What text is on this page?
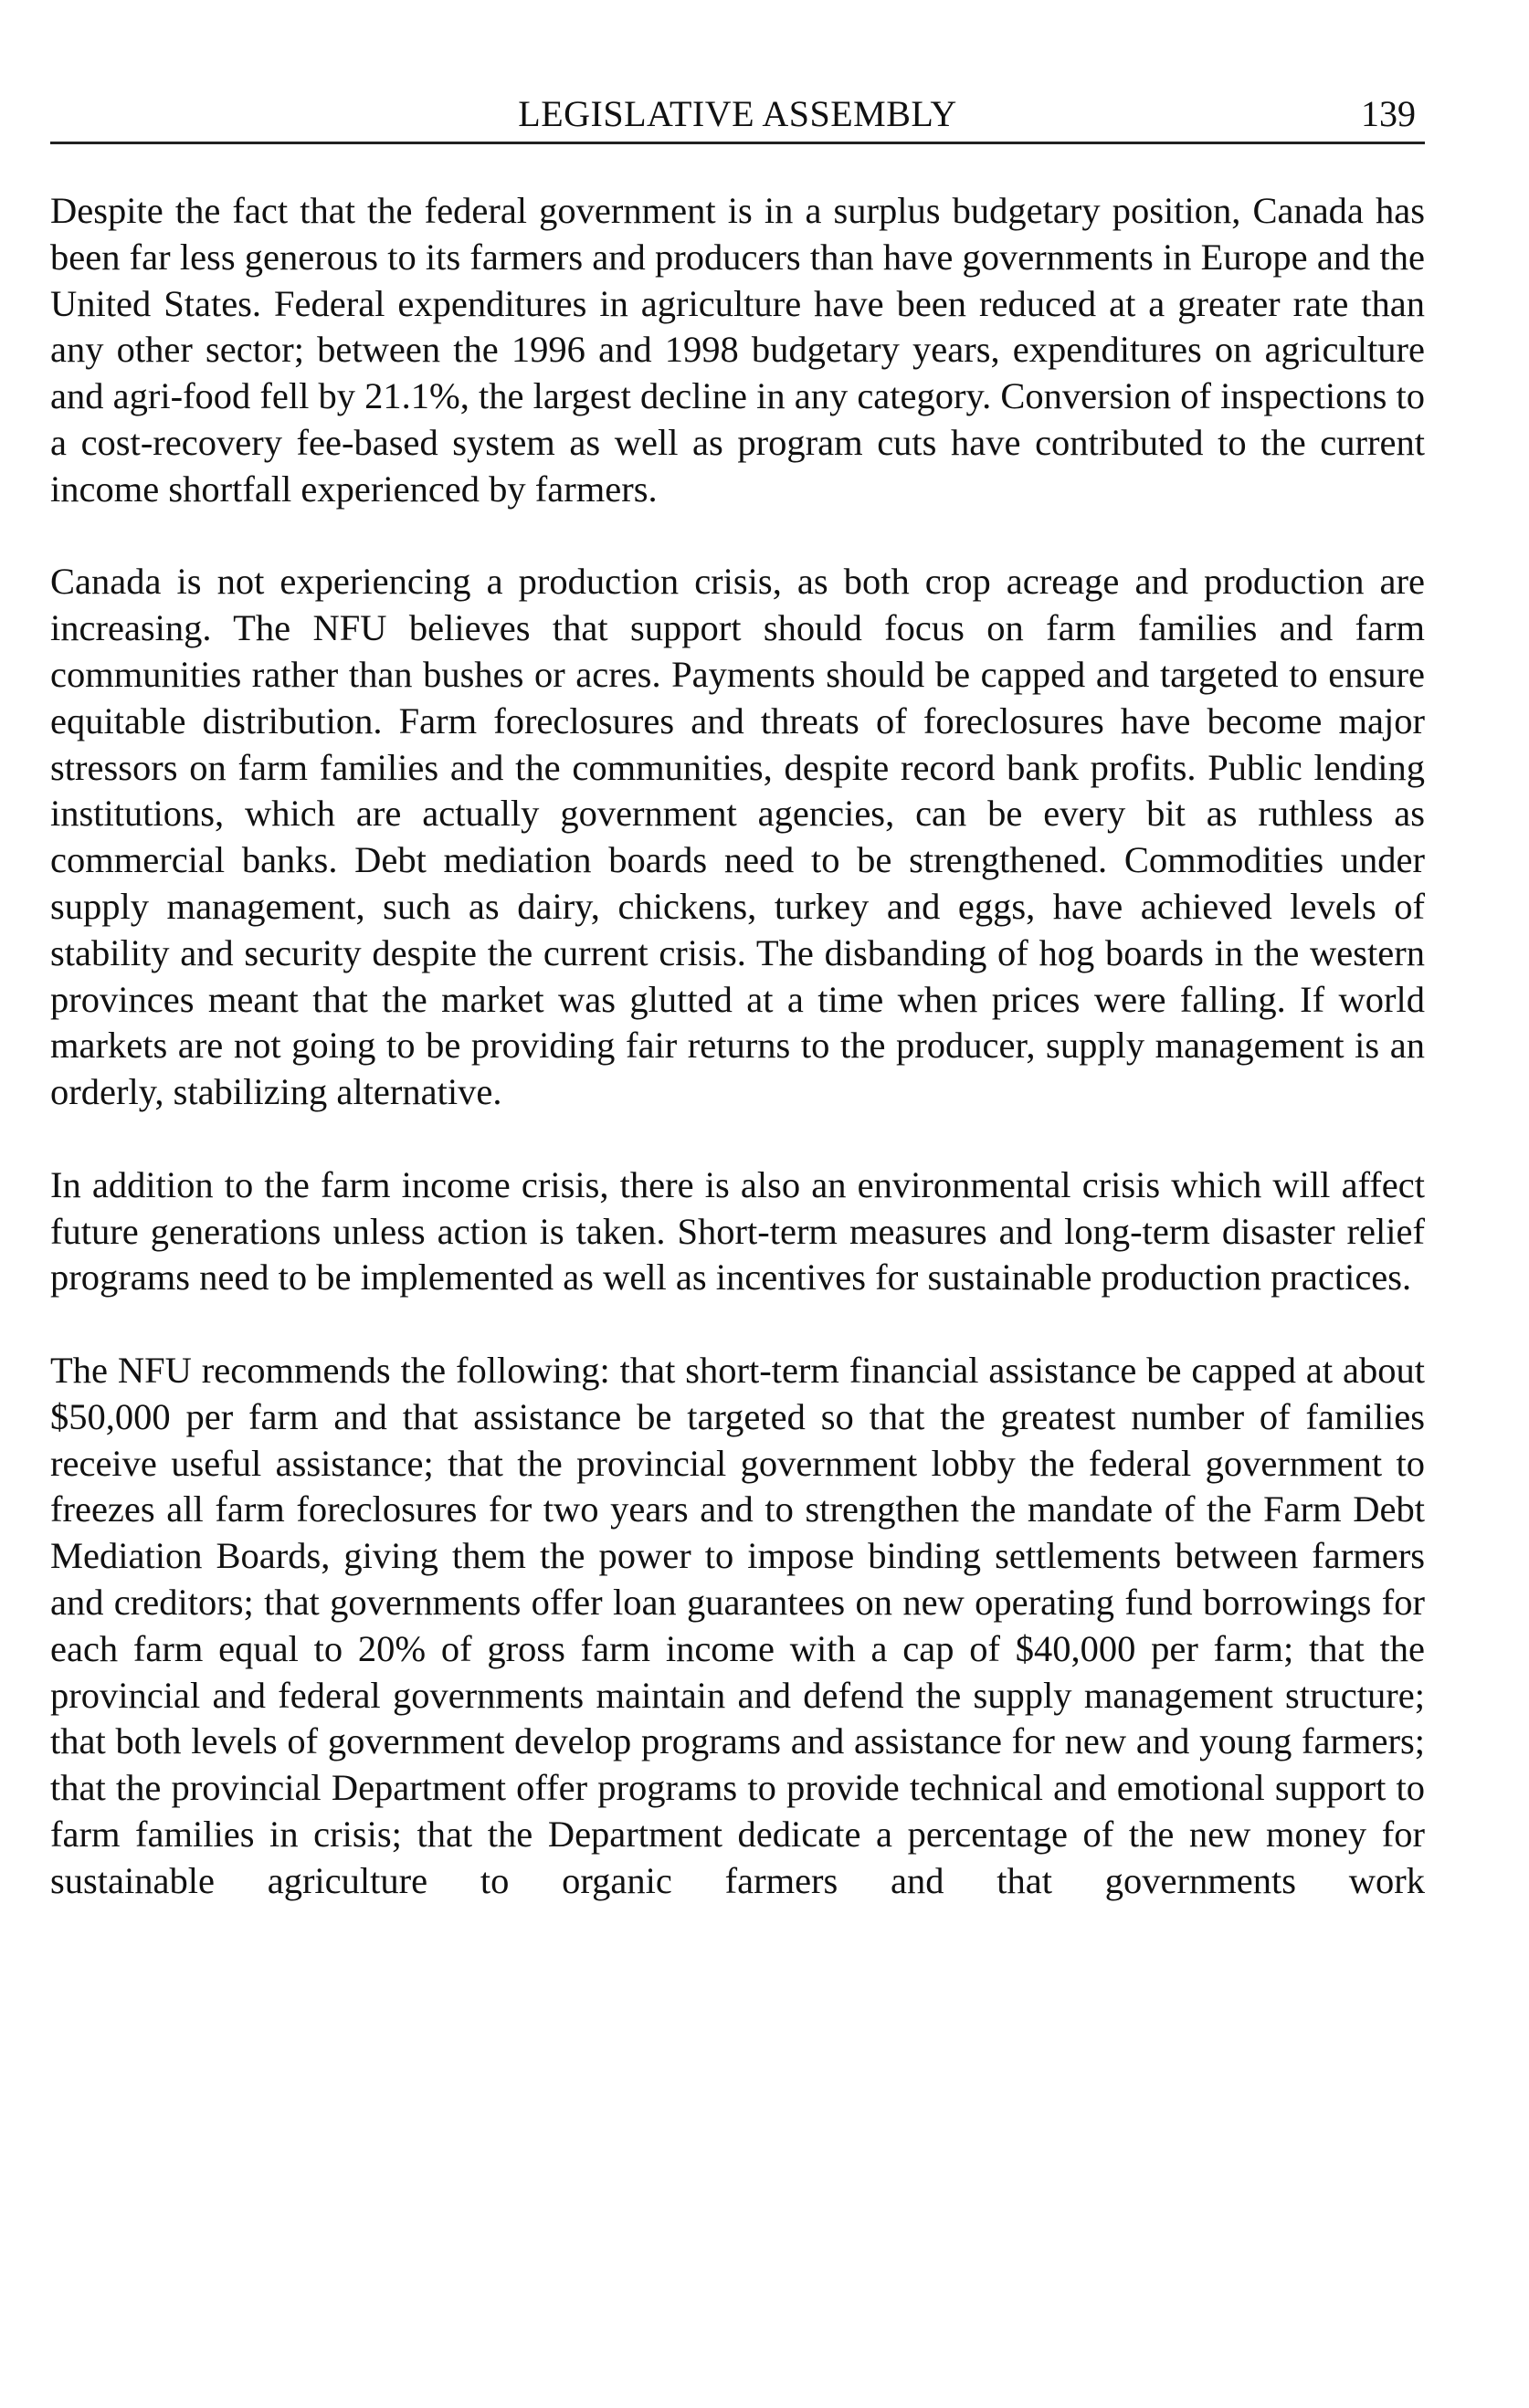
LEGISLATIVE ASSEMBLY	139

Despite the fact that the federal government is in a surplus budgetary position, Canada has been far less generous to its farmers and producers than have governments in Europe and the United States. Federal expenditures in agriculture have been reduced at a greater rate than any other sector; between the 1996 and 1998 budgetary years, expenditures on agriculture and agri-food fell by 21.1%, the largest decline in any category. Conversion of inspections to a cost-recovery fee-based system as well as program cuts have contributed to the current income shortfall experienced by farmers.

Canada is not experiencing a production crisis, as both crop acreage and production are increasing. The NFU believes that support should focus on farm families and farm communities rather than bushes or acres. Payments should be capped and targeted to ensure equitable distribution. Farm foreclosures and threats of foreclosures have become major stressors on farm families and the communities, despite record bank profits. Public lending institutions, which are actually government agencies, can be every bit as ruthless as commercial banks. Debt mediation boards need to be strengthened. Commodities under supply management, such as dairy, chickens, turkey and eggs, have achieved levels of stability and security despite the current crisis. The disbanding of hog boards in the western provinces meant that the market was glutted at a time when prices were falling. If world markets are not going to be providing fair returns to the producer, supply management is an orderly, stabilizing alternative.

In addition to the farm income crisis, there is also an environmental crisis which will affect future generations unless action is taken. Short-term measures and long-term disaster relief programs need to be implemented as well as incentives for sustainable production practices.

The NFU recommends the following: that short-term financial assistance be capped at about $50,000 per farm and that assistance be targeted so that the greatest number of families receive useful assistance; that the provincial government lobby the federal government to freezes all farm foreclosures for two years and to strengthen the mandate of the Farm Debt Mediation Boards, giving them the power to impose binding settlements between farmers and creditors; that governments offer loan guarantees on new operating fund borrowings for each farm equal to 20% of gross farm income with a cap of $40,000 per farm; that the provincial and federal governments maintain and defend the supply management structure; that both levels of government develop programs and assistance for new and young farmers; that the provincial Department offer programs to provide technical and emotional support to farm families in crisis; that the Department dedicate a percentage of the new money for sustainable agriculture to organic farmers and that governments work
